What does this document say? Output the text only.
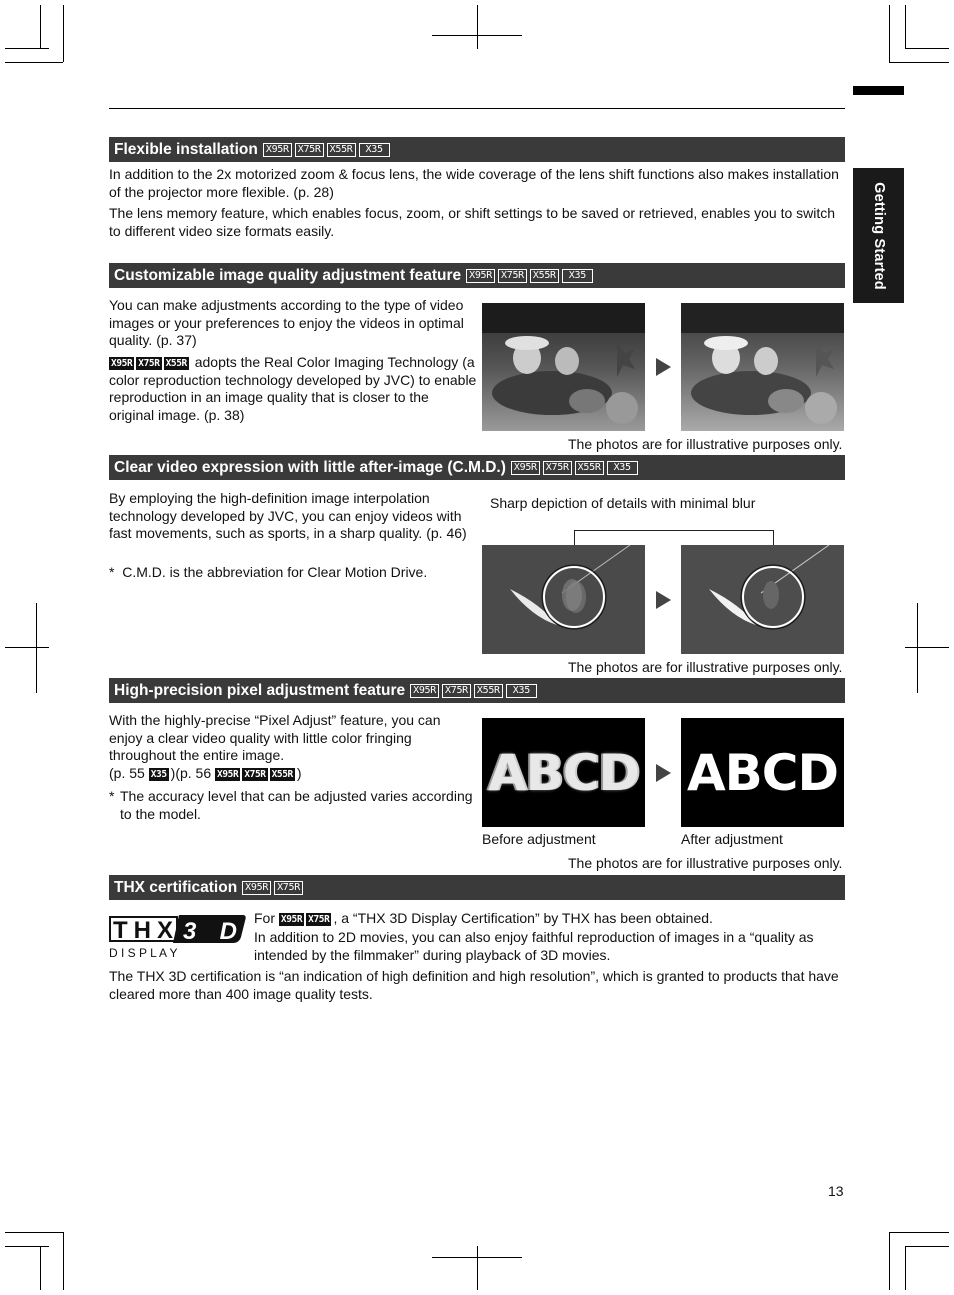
Getting Started
Flexible installation X95R X75R X55R	X35
In addition to the 2x motorized zoom & focus lens, the wide coverage of the lens shift functions also makes installation of the projector more flexible. (p. 28)
The lens memory feature, which enables focus, zoom, or shift settings to be saved or retrieved, enables you to switch to different video size formats easily.
Customizable image quality adjustment feature X95R X75R X55R	X35
You can make adjustments according to the type of video images or your preferences to enjoy the videos in optimal quality. (p. 37)
X95R X75R X55R adopts the Real Color Imaging Technology (a color reproduction technology developed by JVC) to enable reproduction in an image quality that is closer to the original image. (p. 38)
The photos are for illustrative purposes only.
Clear video expression with little after-image (C.M.D.) X95R X75R X55R	X35
By employing the high-definition image interpolation technology developed by JVC, you can enjoy videos with fast movements, such as sports, in a sharp quality. (p. 46)
* C.M.D. is the abbreviation for Clear Motion Drive.
Sharp depiction of details with minimal blur
The photos are for illustrative purposes only.
High-precision pixel adjustment feature X95R X75R X55R	X35
With the highly-precise “Pixel Adjust” feature, you can enjoy a clear video quality with little color fringing throughout the entire image.
(p. 55 X35 )(p. 56 X95R X75R X55R )
* The accuracy level that can be adjusted varies according to the model.
ABCD ABCD
Before adjustment	After adjustment
The photos are for illustrative purposes only.
THX certification X95R X75R
THX 3D
D I S P L A Y
For X95R X75R , a “THX 3D Display Certification” by THX has been obtained.
In addition to 2D movies, you can also enjoy faithful reproduction of images in a “quality as intended by the filmmaker” during playback of 3D movies.
The THX 3D certification is “an indication of high definition and high resolution”, which is granted to products that have cleared more than 400 image quality tests.
13
